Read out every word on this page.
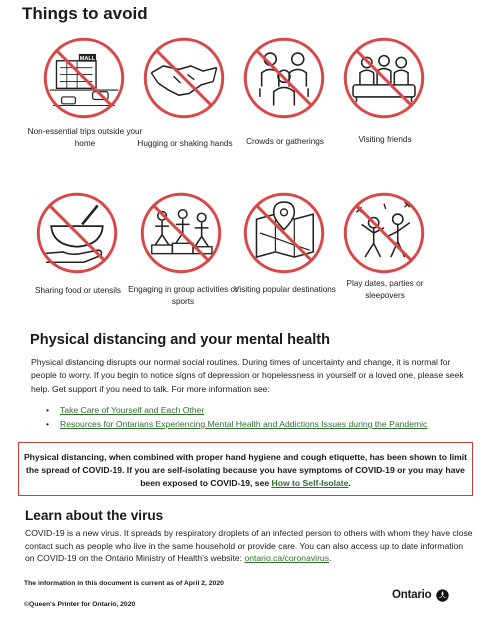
Things to avoid
MALL
Non-essential trips outside your home	Hugging or shaking hands	Crowds or gatherings	Visiting friends
Sharing food or utensils Engaging in group activities or sports
Visiting popular destinations
Play dates, parties or sleepovers
Physical distancing and your mental health
Physical distancing disrupts our normal social routines. During times of uncertainty and change, it is normal for people to worry. If you begin to notice signs of depression or hopelessness in yourself or a loved one, please seek help. Get support if you need to talk. For more information see:
• Take Care of Yourself and Each Other
• Resources for Ontarians Experiencing Mental Health and Addictions Issues during the Pandemic

Physical distancing, when combined with proper hand hygiene and cough etiquette, has been shown to limit the spread of COVID-19. If you are self-isolating because you have symptoms of COVID-19 or you may have been exposed to COVID-19, see How to Self-Isolate.

Learn about the virus
COVID-19 is a new virus. It spreads by respiratory droplets of an infected person to others with whom they have close contact such as people who live in the same household or provide care. You can also access up to date information on COVID-19 on the Ontario Ministry of Health's website: ontario.ca/coronavirus.
The information in this document is current as of April 2, 2020
©Queen's Printer for Ontario, 2020
Ontario
